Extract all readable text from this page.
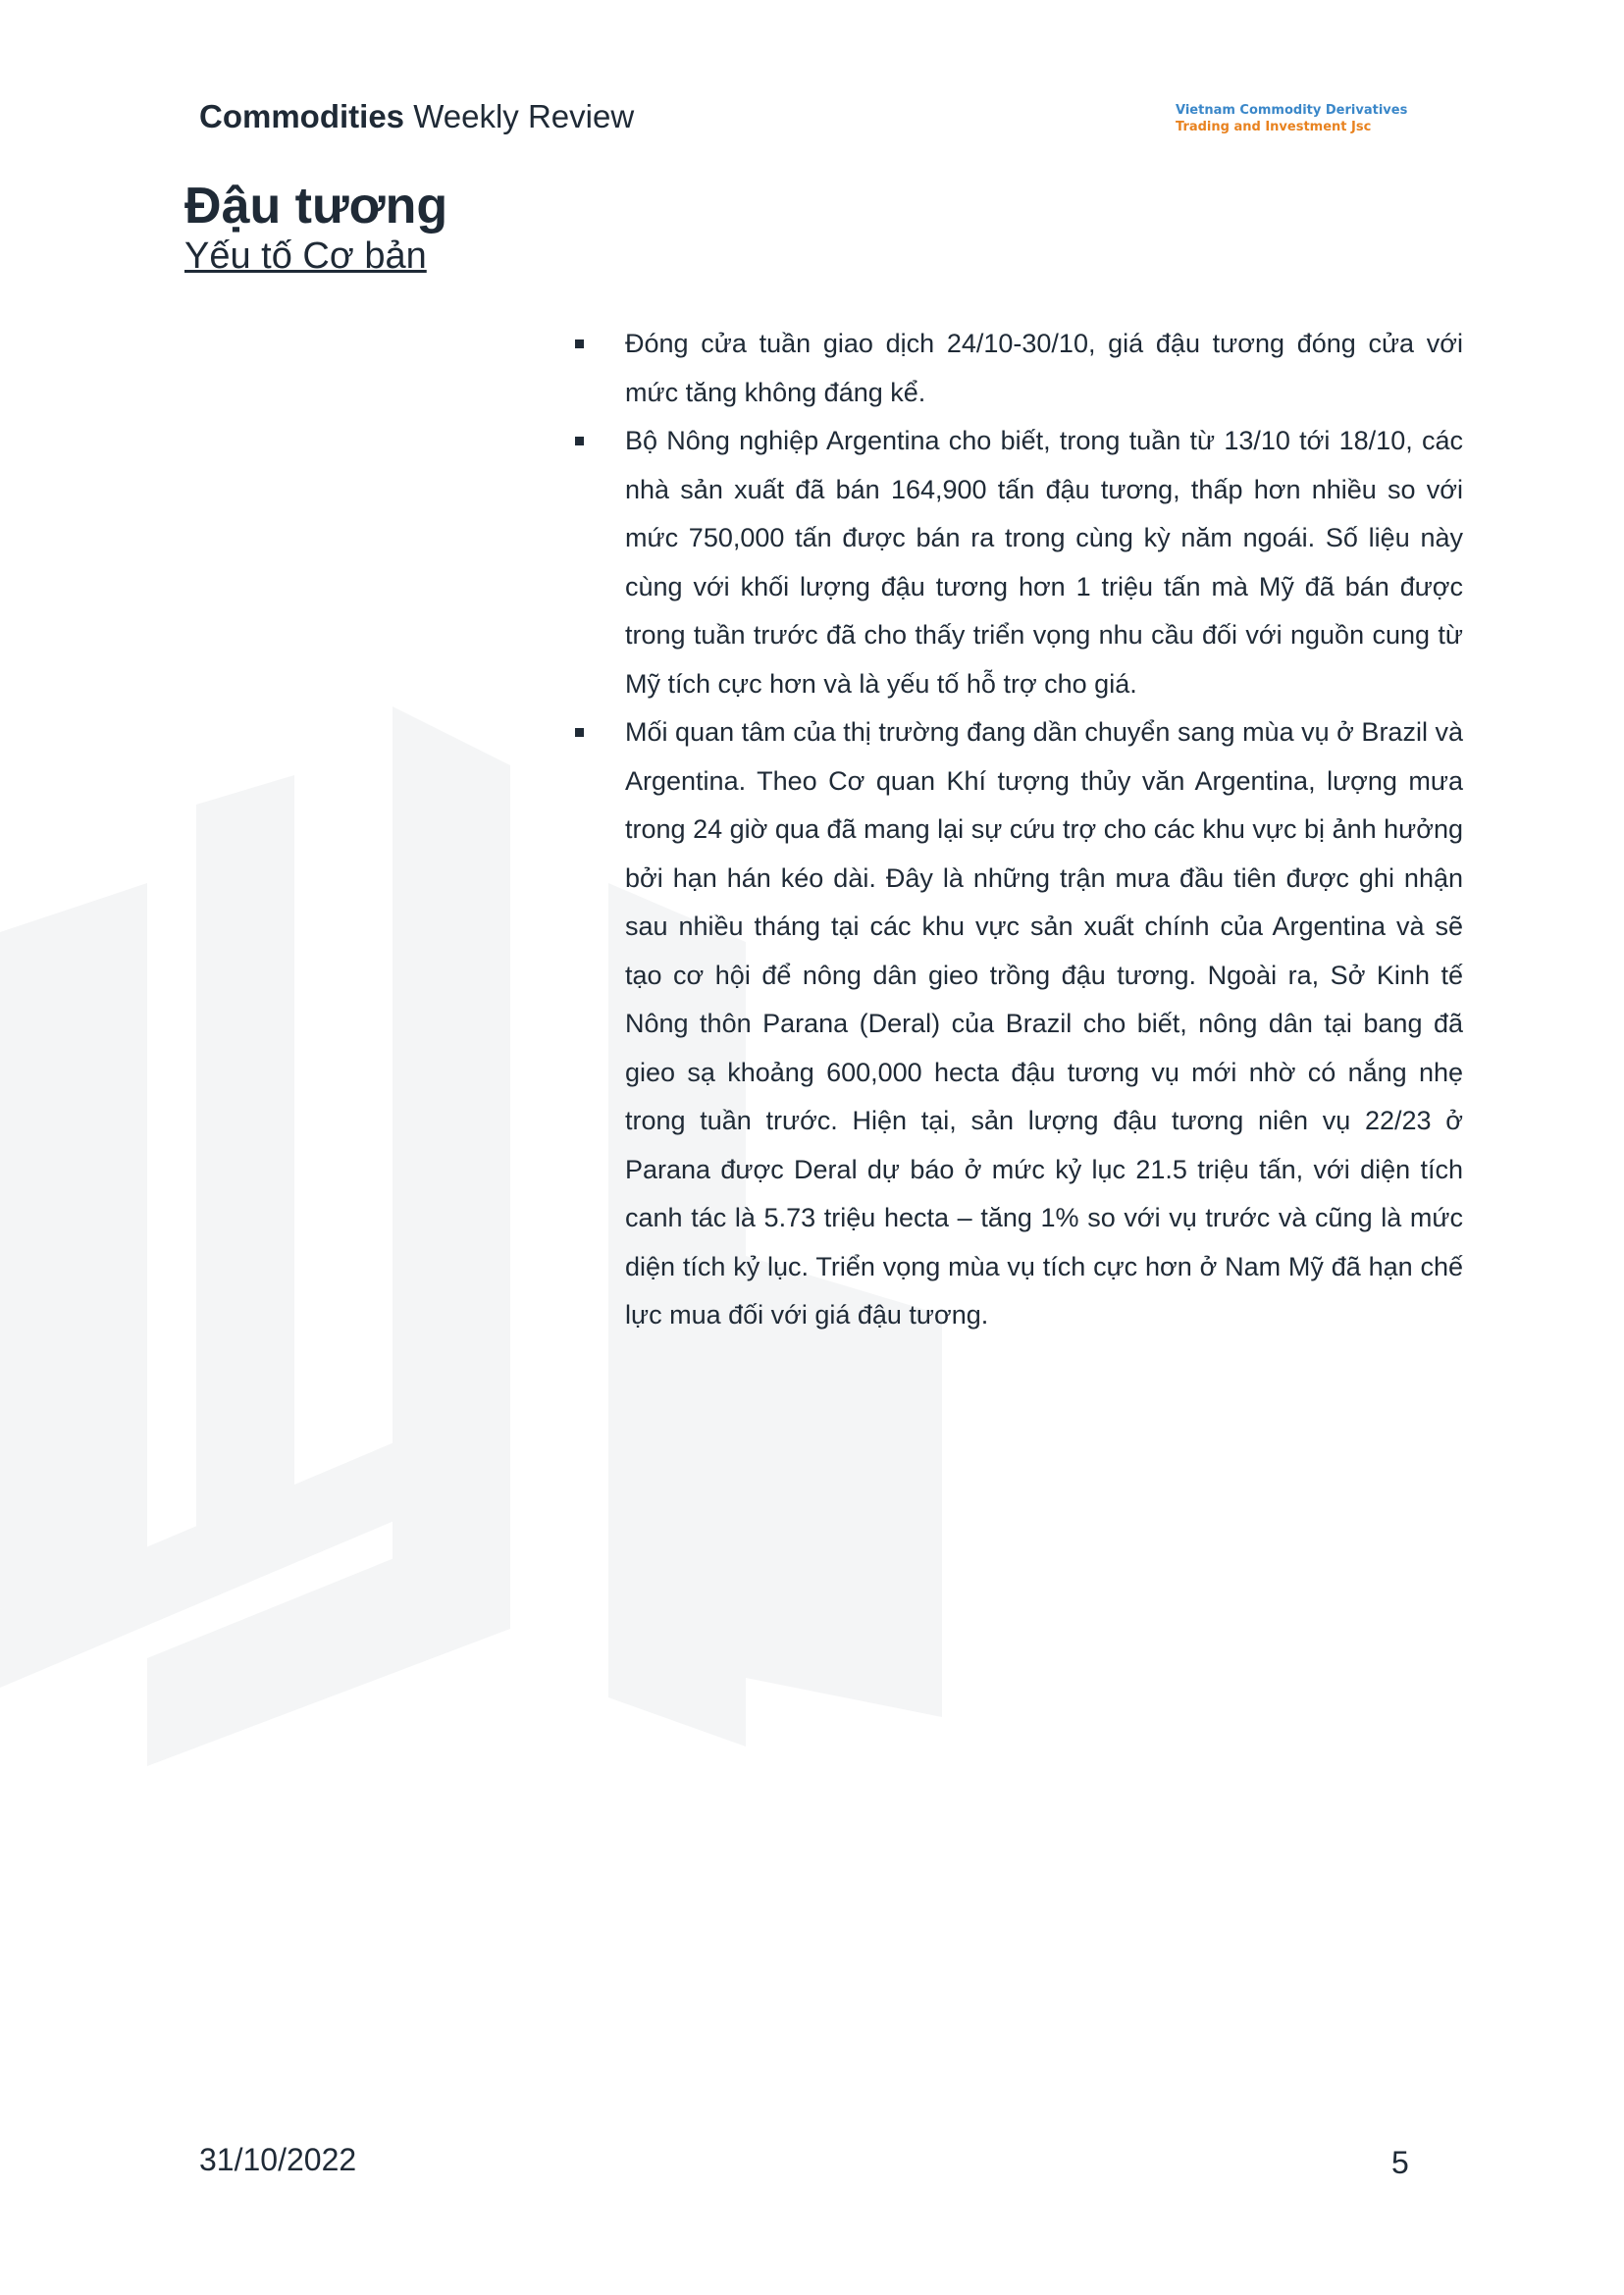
Commodities Weekly Review	Vietnam Commodity Derivatives
Trading and Investment Jsc
Đậu tương
Yếu tố Cơ bản
Đóng cửa tuần giao dịch 24/10-30/10, giá đậu tương đóng cửa với mức tăng không đáng kể.
Bộ Nông nghiệp Argentina cho biết, trong tuần từ 13/10 tới 18/10, các nhà sản xuất đã bán 164,900 tấn đậu tương, thấp hơn nhiều so với mức 750,000 tấn được bán ra trong cùng kỳ năm ngoái. Số liệu này cùng với khối lượng đậu tương hơn 1 triệu tấn mà Mỹ đã bán được trong tuần trước đã cho thấy triển vọng nhu cầu đối với nguồn cung từ Mỹ tích cực hơn và là yếu tố hỗ trợ cho giá.
Mối quan tâm của thị trường đang dần chuyển sang mùa vụ ở Brazil và Argentina. Theo Cơ quan Khí tượng thủy văn Argentina, lượng mưa trong 24 giờ qua đã mang lại sự cứu trợ cho các khu vực bị ảnh hưởng bởi hạn hán kéo dài. Đây là những trận mưa đầu tiên được ghi nhận sau nhiều tháng tại các khu vực sản xuất chính của Argentina và sẽ tạo cơ hội để nông dân gieo trồng đậu tương. Ngoài ra, Sở Kinh tế Nông thôn Parana (Deral) của Brazil cho biết, nông dân tại bang đã gieo sạ khoảng 600,000 hecta đậu tương vụ mới nhờ có nắng nhẹ trong tuần trước. Hiện tại, sản lượng đậu tương niên vụ 22/23 ở Parana được Deral dự báo ở mức kỷ lục 21.5 triệu tấn, với diện tích canh tác là 5.73 triệu hecta – tăng 1% so với vụ trước và cũng là mức diện tích kỷ lục. Triển vọng mùa vụ tích cực hơn ở Nam Mỹ đã hạn chế lực mua đối với giá đậu tương.
31/10/2022	5
